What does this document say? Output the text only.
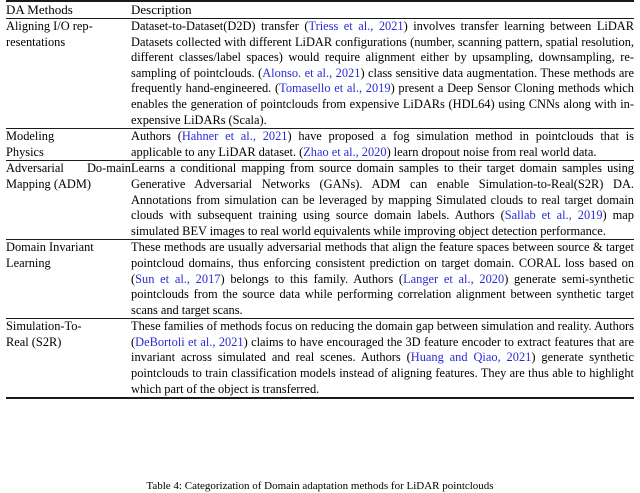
DA Methods	Description

Aligning I/O rep-
resentations	Dataset-to-Dataset(D2D) transfer (Triess et al., 2021) involves transfer learning between LiDAR Datasets collected with different LiDAR configurations (number, scanning pattern, spatial resolution, different classes/label spaces) would require alignment either by upsampling, downsampling, re-sampling of pointclouds. (Alonso. et al., 2021) class sensitive data augmentation. These methods are frequently hand-engineered. (Tomasello et al., 2019) present a Deep Sensor Cloning methods which enables the generation of pointclouds from expensive LiDARs (HDL64) using CNNs along with in-expensive LiDARs (Scala).

Modeling
Physics	Authors (Hahner et al., 2021) have proposed a fog simulation method in pointclouds that is applicable to any LiDAR dataset. (Zhao et al., 2020) learn dropout noise from real world data.

Adversarial Do-main Mapping (ADM)	Learns a conditional mapping from source domain samples to their target domain samples using Generative Adversarial Networks (GANs). ADM can enable Simulation-to-Real(S2R) DA. Annotations from simulation can be leveraged by mapping Simulated clouds to real target domain clouds with subsequent training using source domain labels. Authors (Sallab et al., 2019) map simulated BEV images to real world equivalents while improving object detection performance.

Domain Invariant
Learning	These methods are usually adversarial methods that align the feature spaces between source & target pointcloud domains, thus enforcing consistent prediction on target domain. CORAL loss based on (Sun et al., 2017) belongs to this family. Authors (Langer et al., 2020) generate semi-synthetic pointclouds from the source data while performing correlation alignment between synthetic target scans and target scans.

Simulation-To-
Real (S2R)	These families of methods focus on reducing the domain gap between simulation and reality. Authors (DeBortoli et al., 2021) claims to have encouraged the 3D feature encoder to extract features that are invariant across simulated and real scenes. Authors (Huang and Qiao, 2021) generate synthetic pointclouds to train classification models instead of aligning features. They are thus able to highlight which part of the object is transferred.

Table 4: Categorization of Domain adaptation methods for LiDAR pointclouds
